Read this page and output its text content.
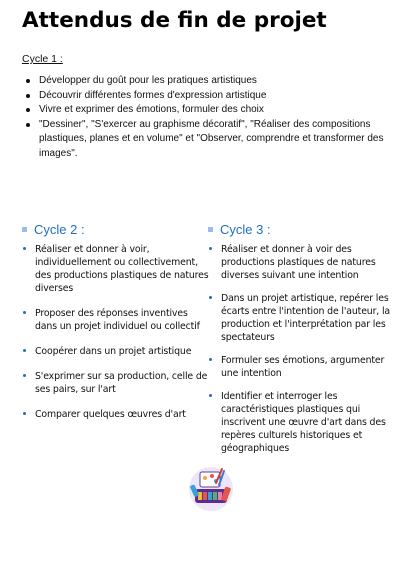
Attendus de fin de projet
Cycle 1 :
Développer du goût pour les pratiques artistiques
Découvrir différentes formes d'expression artistique
Vivre et exprimer des émotions, formuler des choix
"Dessiner", "S'exercer au graphisme décoratif", "Réaliser des compositions plastiques, planes et en volume" et "Observer, comprendre et transformer des images".
Cycle 2 :
Réaliser et donner à voir, individuellement ou collectivement, des productions plastiques de natures diverses
Proposer des réponses inventives dans un projet individuel ou collectif
Coopérer dans un projet artistique
S'exprimer sur sa production, celle de ses pairs, sur l'art
Comparer quelques œuvres d'art
Cycle 3 :
Réaliser et donner à voir des productions plastiques de natures diverses suivant une intention
Dans un projet artistique, repérer les écarts entre l'intention de l'auteur, la production et l'interprétation par les spectateurs
Formuler ses émotions, argumenter une intention
Identifier et interroger les caractéristiques plastiques qui inscrivent une œuvre d'art dans des repères culturels historiques et géographiques
